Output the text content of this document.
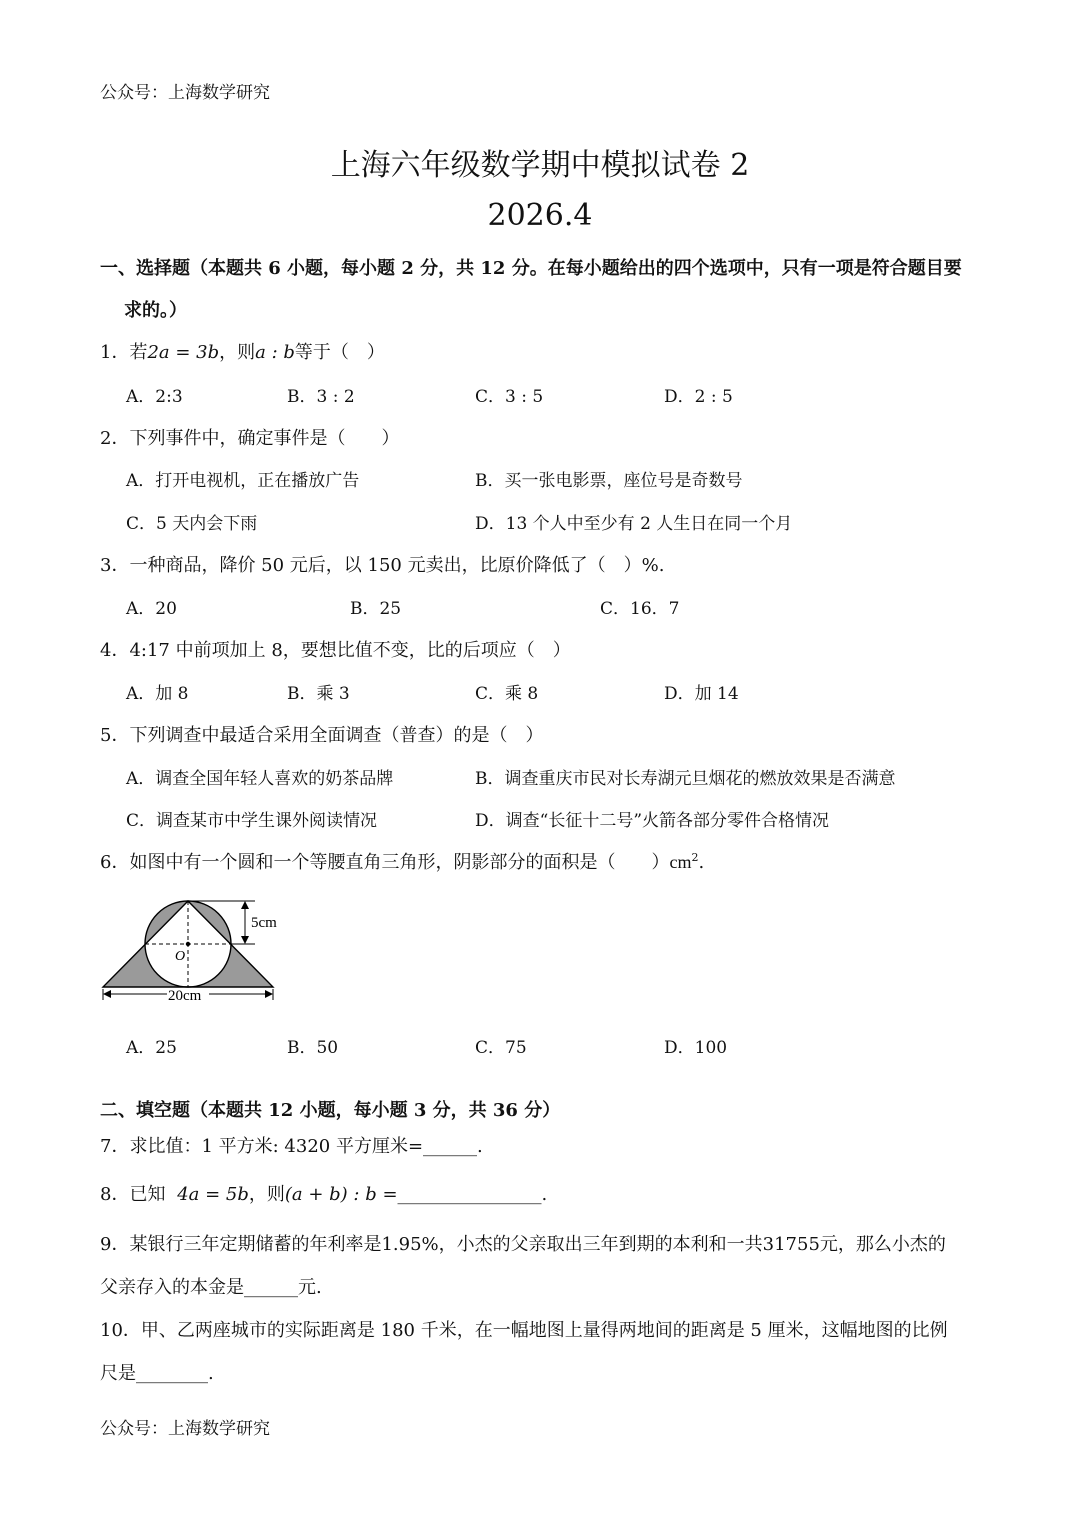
公众号：上海数学研究
上海六年级数学期中模拟试卷 2
2026.4
一、选择题（本题共 6 小题，每小题 2 分，共 12 分。在每小题给出的四个选项中，只有一项是符合题目要
求的。）
1．若2a = 3b，则a : b等于（　）
A．2:3	B．3 : 2	C．3 : 5	D．2 : 5
2．下列事件中，确定事件是（　　）
A．打开电视机，正在播放广告	B．买一张电影票，座位号是奇数号
C．5 天内会下雨	D．13 个人中至少有 2 人生日在同一个月
3．一种商品，降价 50 元后，以 150 元卖出，比原价降低了（　）%.
A．20	B．25	C．16．7
4．4:17 中前项加上 8，要想比值不变，比的后项应（　）
A．加 8	B．乘 3	C．乘 8	D．加 14
5．下列调查中最适合采用全面调查（普查）的是（　）
A．调查全国年轻人喜欢的奶茶品牌	B．调查重庆市民对长寿湖元旦烟花的燃放效果是否满意
C．调查某市中学生课外阅读情况	D．调查“长征十二号”火箭各部分零件合格情况
6．如图中有一个圆和一个等腰直角三角形，阴影部分的面积是（　　）$cm^2$.
O
5cm
20cm
A．25	B．50	C．75	D．100
二、填空题（本题共 12 小题，每小题 3 分，共 36 分）
7．求比值：1 平方米: 4320 平方厘米=______.
8．已知 4a = 5b，则(a + b) : b =________________.
9．某银行三年定期储蓄的年利率是1.95%，小杰的父亲取出三年到期的本利和一共31755元，那么小杰的
父亲存入的本金是______元.
10．甲、乙两座城市的实际距离是 180 千米，在一幅地图上量得两地间的距离是 5 厘米，这幅地图的比例
尺是________.
公众号：上海数学研究
